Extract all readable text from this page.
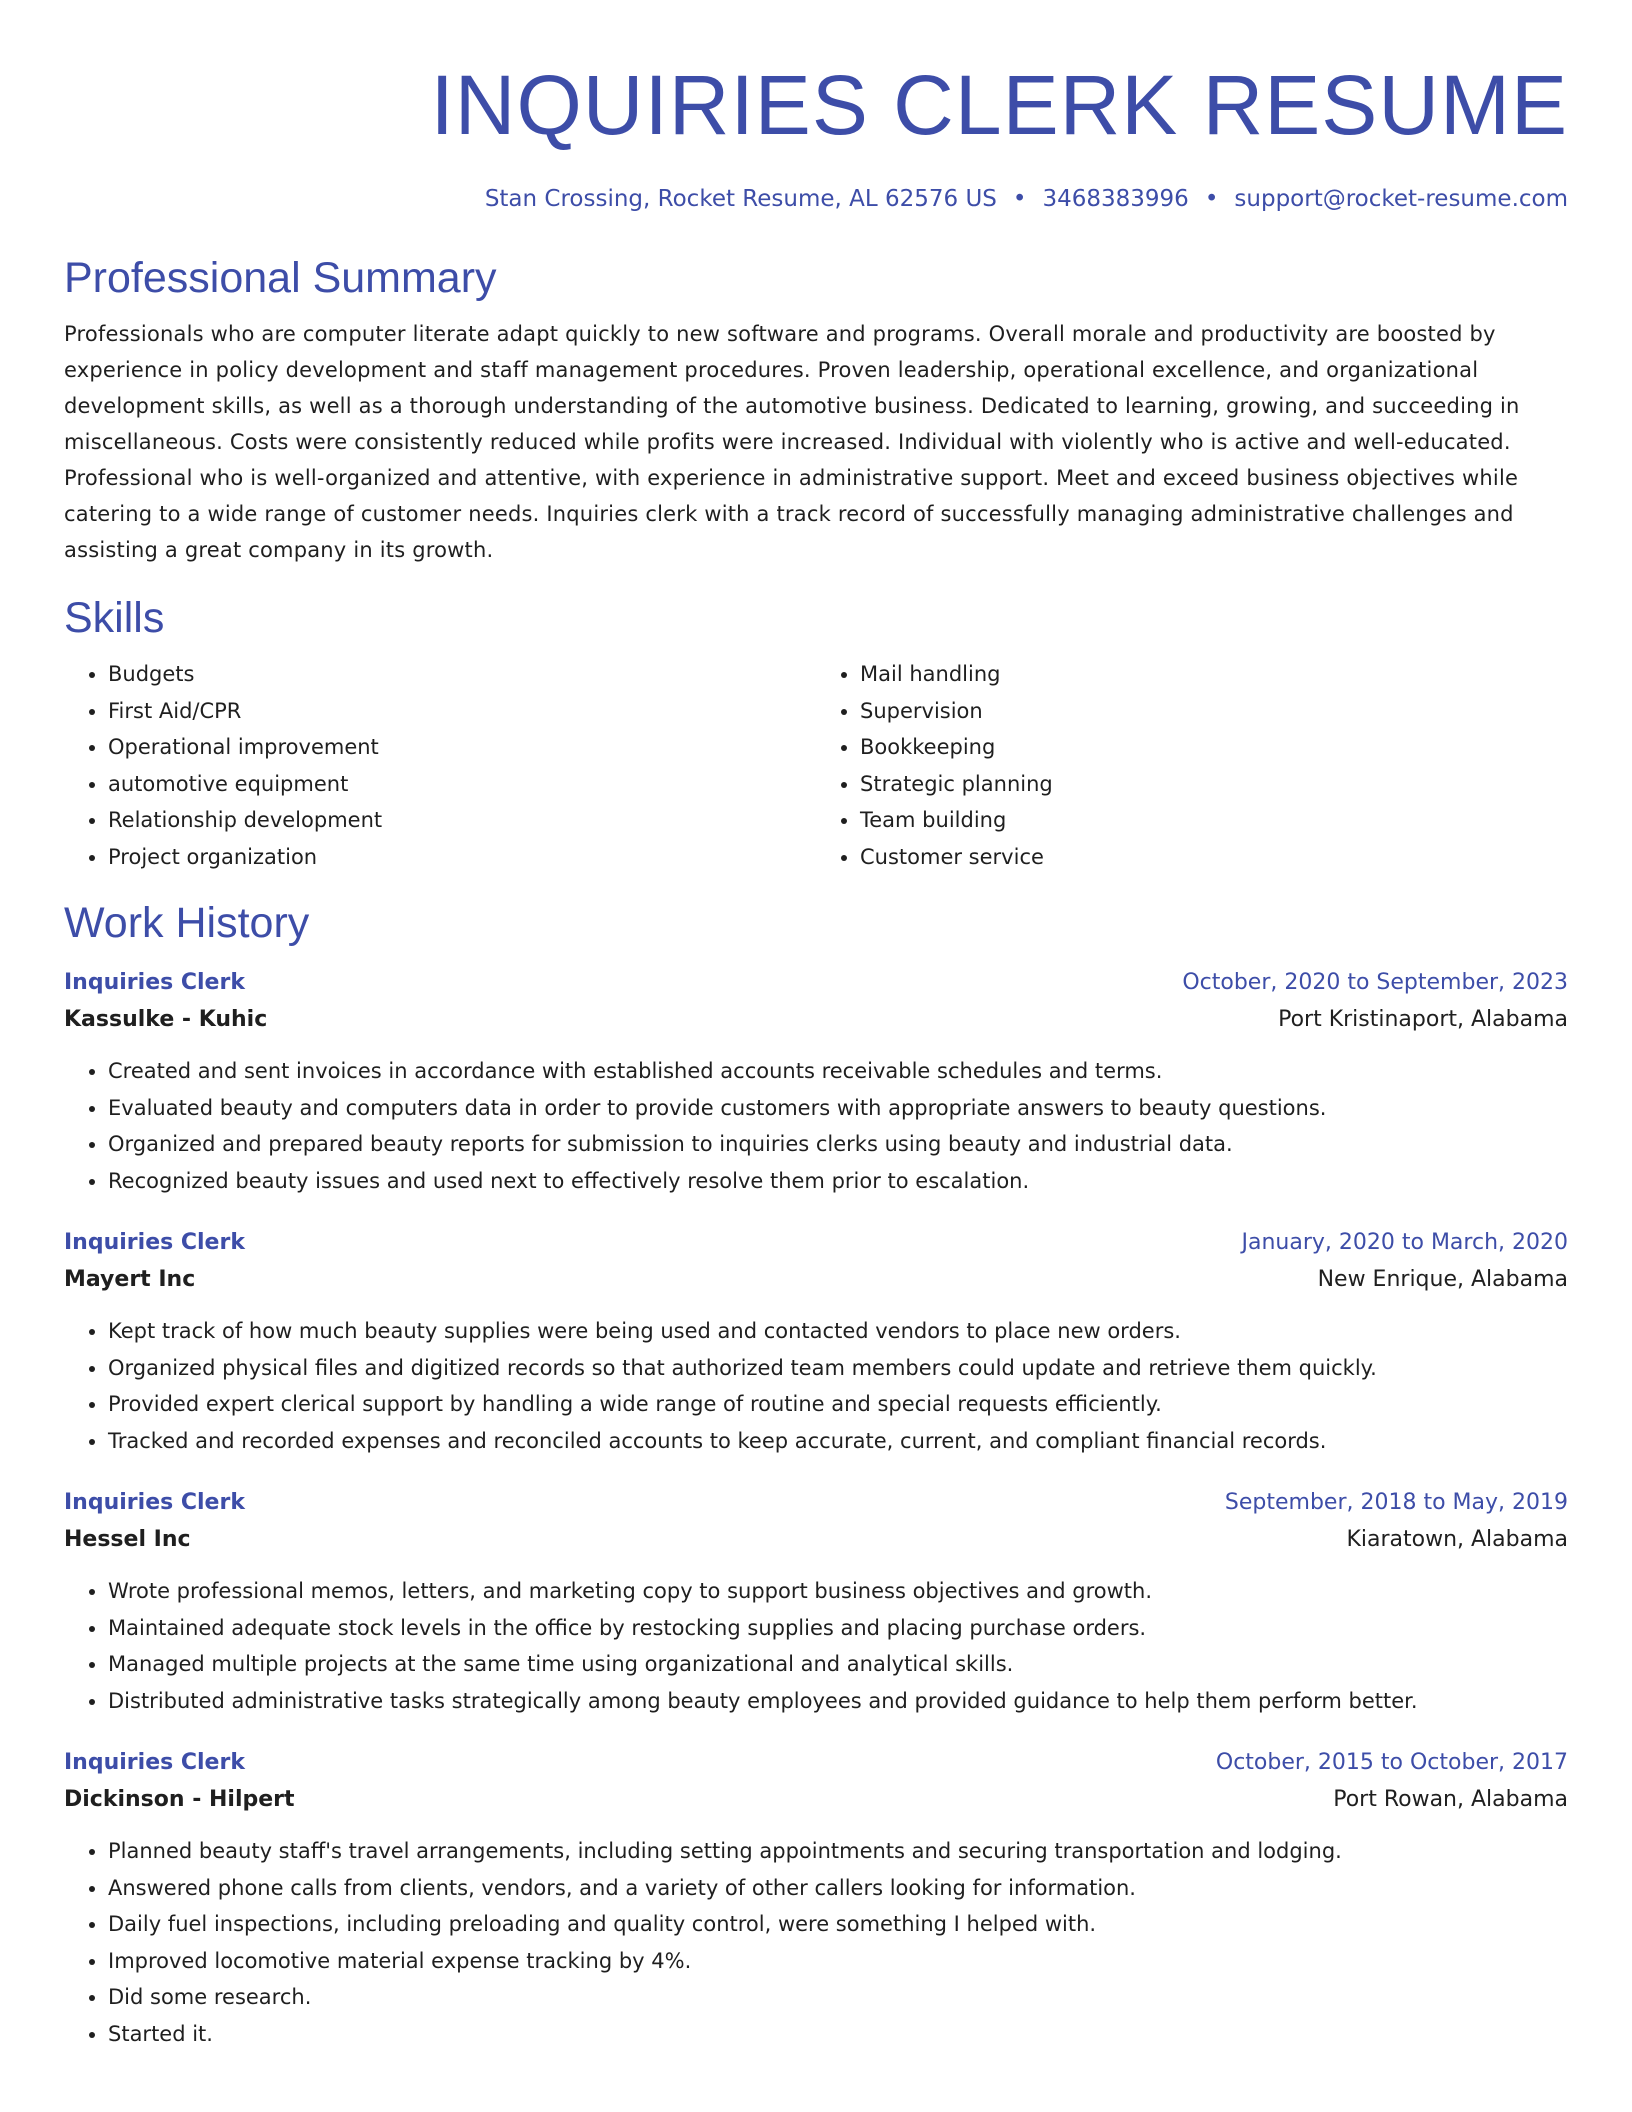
INQUIRIES CLERK RESUME
Stan Crossing, Rocket Resume, AL 62576 US • 3468383996 • support@rocket-resume.com
Professional Summary

Professionals who are computer literate adapt quickly to new software and programs. Overall morale and productivity are boosted by experience in policy development and staff management procedures. Proven leadership, operational excellence, and organizational development skills, as well as a thorough understanding of the automotive business. Dedicated to learning, growing, and succeeding in miscellaneous. Costs were consistently reduced while profits were increased. Individual with violently who is active and well-educated. Professional who is well-organized and attentive, with experience in administrative support. Meet and exceed business objectives while catering to a wide range of customer needs. Inquiries clerk with a track record of successfully managing administrative challenges and assisting a great company in its growth.

Skills
• Budgets
• First Aid/CPR
• Operational improvement
• automotive equipment
• Relationship development
• Project organization
• Mail handling
• Supervision
• Bookkeeping
• Strategic planning
• Team building
• Customer service
Work History
Inquiries Clerk	October, 2020 to September, 2023
Kassulke - Kuhic	Port Kristinaport, Alabama
• Created and sent invoices in accordance with established accounts receivable schedules and terms.
• Evaluated beauty and computers data in order to provide customers with appropriate answers to beauty questions.
• Organized and prepared beauty reports for submission to inquiries clerks using beauty and industrial data.
• Recognized beauty issues and used next to effectively resolve them prior to escalation.
Inquiries Clerk	January, 2020 to March, 2020
Mayert Inc	New Enrique, Alabama
• Kept track of how much beauty supplies were being used and contacted vendors to place new orders.
• Organized physical files and digitized records so that authorized team members could update and retrieve them quickly.
• Provided expert clerical support by handling a wide range of routine and special requests efficiently.
• Tracked and recorded expenses and reconciled accounts to keep accurate, current, and compliant financial records.
Inquiries Clerk	September, 2018 to May, 2019
Hessel Inc	Kiaratown, Alabama
• Wrote professional memos, letters, and marketing copy to support business objectives and growth.
• Maintained adequate stock levels in the office by restocking supplies and placing purchase orders.
• Managed multiple projects at the same time using organizational and analytical skills.
• Distributed administrative tasks strategically among beauty employees and provided guidance to help them perform better.
Inquiries Clerk	October, 2015 to October, 2017
Dickinson - Hilpert	Port Rowan, Alabama
• Planned beauty staff's travel arrangements, including setting appointments and securing transportation and lodging.
• Answered phone calls from clients, vendors, and a variety of other callers looking for information.
• Daily fuel inspections, including preloading and quality control, were something I helped with.
• Improved locomotive material expense tracking by 4%.
• Did some research.
• Started it.
